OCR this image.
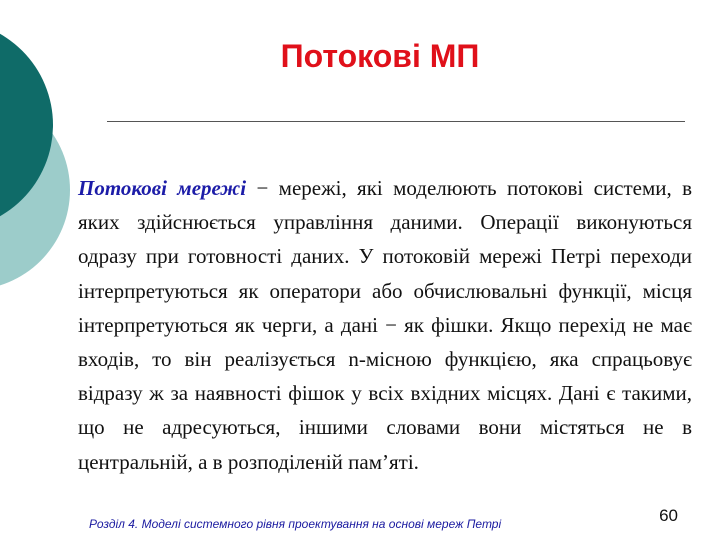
Потокові МП
Потокові мережі − мережі, які моделюють потокові системи, в яких здійснюється управління даними. Операції виконуються одразу при готовності даних. У потоковій мережі Петрі переходи інтерпретуються як оператори або обчислювальні функції, місця інтерпретуються як черги, а дані − як фішки. Якщо перехід не має входів, то він реалізується n-місною функцією, яка спрацьовує відразу ж за наявності фішок у всіх вхідних місцях. Дані є такими, що не адресуються, іншими словами вони містяться не в центральній, а в розподіленій пам’яті.
Розділ 4. Моделі системного рівня проектування на основі мереж Петрі	60
